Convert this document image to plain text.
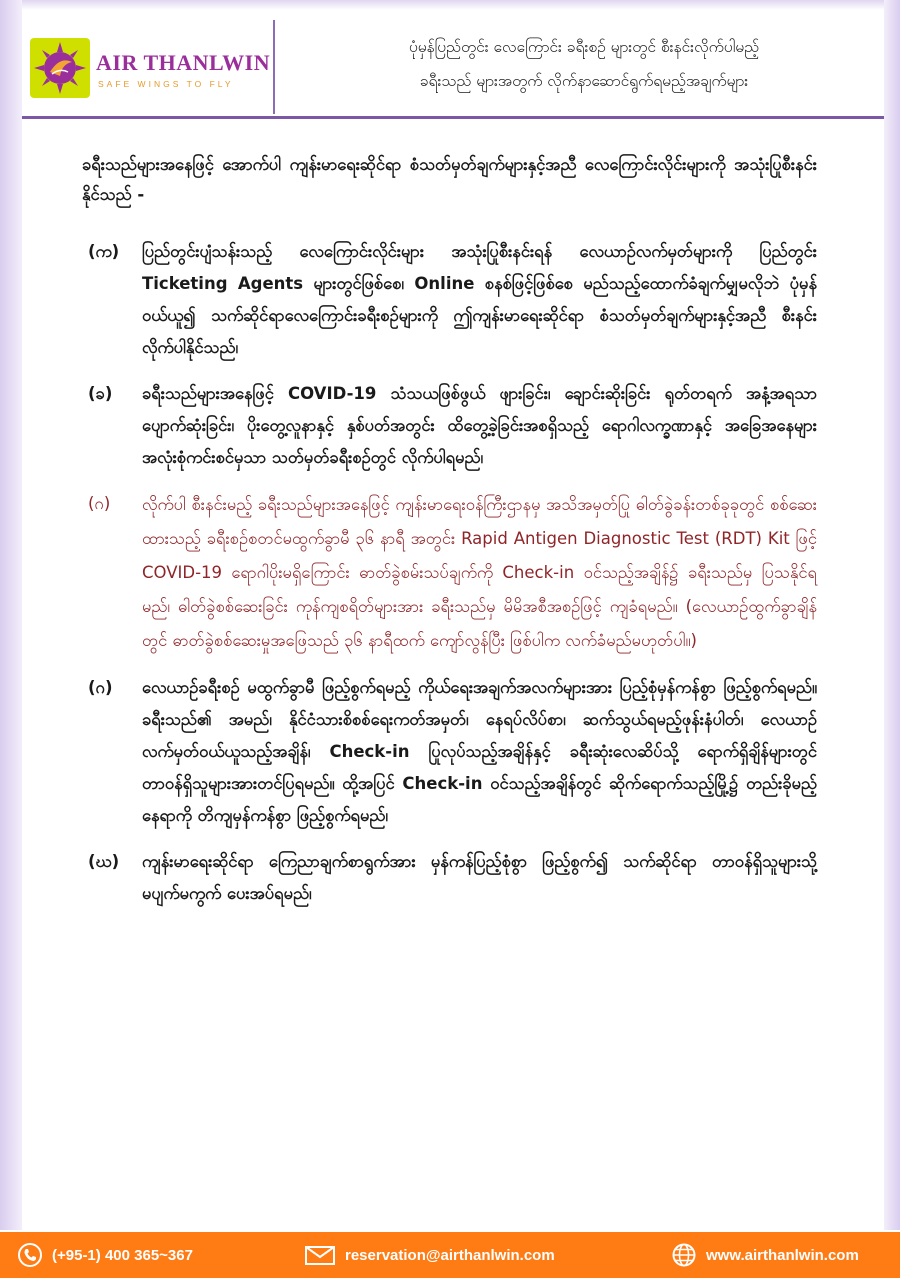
AIR THANLWIN
SAFE WINGS TO FLY
ပုံမှန်ပြည်တွင်း လေကြောင်း ခရီးစဉ် များတွင် စီးနင်းလိုက်ပါမည့်
ခရီးသည် များအတွက် လိုက်နာဆောင်ရွက်ရမည့်အချက်များ

ခရီးသည်များအနေဖြင့် အောက်ပါ ကျန်းမာရေးဆိုင်ရာ စံသတ်မှတ်ချက်များနှင့်အညီ လေကြောင်းလိုင်းများကို အသုံးပြုစီးနင်းနိုင်သည် -

(က)	ပြည်တွင်းပျံသန်းသည့် လေကြောင်းလိုင်းများ အသုံးပြုစီးနင်းရန် လေယာဉ်လက်မှတ်များကို ပြည်တွင်း Ticketing Agents များတွင်ဖြစ်စေ၊ Online စနစ်ဖြင့်ဖြစ်စေ မည်သည့်ထောက်ခံချက်မျှမလိုဘဲ ပုံမှန်ဝယ်ယူ၍ သက်ဆိုင်ရာလေကြောင်းခရီးစဉ်များကို ဤကျန်းမာရေးဆိုင်ရာ စံသတ်မှတ်ချက်များနှင့်အညီ စီးနင်းလိုက်ပါနိုင်သည်၊
(ခ)	ခရီးသည်များအနေဖြင့် COVID-19 သံသယဖြစ်ဖွယ် ဖျားခြင်း၊ ချောင်းဆိုးခြင်း ရုတ်တရက် အနံ့အရသာ ပျောက်ဆုံးခြင်း၊ ပိုးတွေ့လူနာနှင့် နှစ်ပတ်အတွင်း ထိတွေ့ခဲ့ခြင်းအစရှိသည့် ရောဂါလက္ခဏာနှင့် အခြေအနေများ အလုံးစုံကင်းစင်မှသာ သတ်မှတ်ခရီးစဉ်တွင် လိုက်ပါရမည်၊
(ဂ)	လိုက်ပါ စီးနင်းမည့် ခရီးသည်များအနေဖြင့် ကျန်းမာရေးဝန်ကြီးဌာနမှ အသိအမှတ်ပြု ဓါတ်ခွဲခန်းတစ်ခုခုတွင် စစ်ဆေးထားသည့် ခရီးစဉ်စတင်မထွက်ခွာမီ ၃၆ နာရီ အတွင်း Rapid Antigen Diagnostic Test (RDT) Kit ဖြင့် COVID-19 ရောဂါပိုးမရှိကြောင်း ဓာတ်ခွဲစမ်းသပ်ချက်ကို Check-in ဝင်သည့်အချိန်၌ ခရီးသည်မှ ပြသနိုင်ရမည်၊ ဓါတ်ခွဲစစ်ဆေးခြင်း ကုန်ကျစရိတ်များအား ခရီးသည်မှ မိမိအစီအစဉ်ဖြင့် ကျခံရမည်။ (လေယာဉ်ထွက်ခွာချိန်တွင် ဓာတ်ခွဲစစ်ဆေးမှုအဖြေသည် ၃၆ နာရီထက် ကျော်လွန်ပြီး ဖြစ်ပါက လက်ခံမည်မဟုတ်ပါ။)
(ဂ)	လေယာဉ်ခရီးစဉ် မထွက်ခွာမီ ဖြည့်စွက်ရမည့် ကိုယ်ရေးအချက်အလက်များအား ပြည့်စုံမှန်ကန်စွာ ဖြည့်စွက်ရမည်။ ခရီးသည်၏ အမည်၊ နိုင်ငံသားစိစစ်ရေးကတ်အမှတ်၊ နေရပ်လိပ်စာ၊ ဆက်သွယ်ရမည့်ဖုန်းနံပါတ်၊ လေယာဉ်လက်မှတ်ဝယ်ယူသည့်အချိန်၊ Check-in ပြုလုပ်သည့်အချိန်နှင့် ခရီးဆုံးလေဆိပ်သို့ ရောက်ရှိချိန်များတွင် တာဝန်ရှိသူများအားတင်ပြရမည်။ ထို့အပြင် Check-in ဝင်သည့်အချိန်တွင် ဆိုက်ရောက်သည့်မြို့၌ တည်းခိုမည့်နေရာကို တိကျမှန်ကန်စွာ ဖြည့်စွက်ရမည်၊
(ဃ)	ကျန်းမာရေးဆိုင်ရာ ကြေညာချက်စာရွက်အား မှန်ကန်ပြည့်စုံစွာ ဖြည့်စွက်၍ သက်ဆိုင်ရာ တာဝန်ရှိသူများသို့ မပျက်မကွက် ပေးအပ်ရမည်၊
(+95-1) 400 365~367	reservation@airthanlwin.com	www.airthanlwin.com
